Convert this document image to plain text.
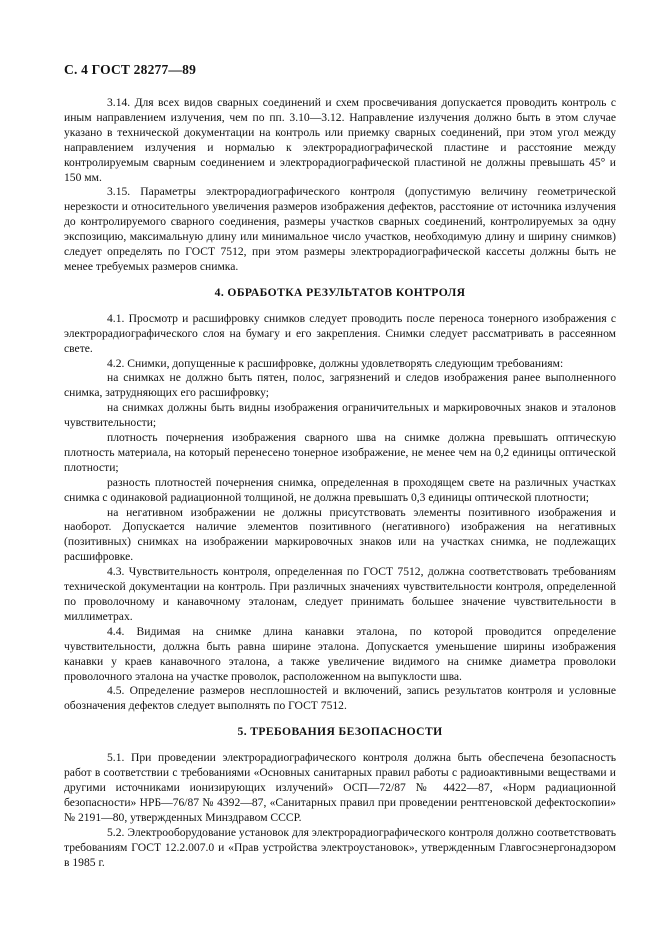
С. 4 ГОСТ 28277—89

3.14. Для всех видов сварных соединений и схем просвечивания допускается проводить контроль с иным направлением излучения, чем по пп. 3.10—3.12. Направление излучения должно быть в этом случае указано в технической документации на контроль или приемку сварных соединений, при этом угол между направлением излучения и нормалью к электрорадиографической пластине и расстояние между контролируемым сварным соединением и электрорадиографической пластиной не должны превышать 45° и 150 мм.

3.15. Параметры электрорадиографического контроля (допустимую величину геометрической нерезкости и относительного увеличения размеров изображения дефектов, расстояние от источника излучения до контролируемого сварного соединения, размеры участков сварных соединений, контролируемых за одну экспозицию, максимальную длину или минимальное число участков, необходимую длину и ширину снимков) следует определять по ГОСТ 7512, при этом размеры электрорадиографической кассеты должны быть не менее требуемых размеров снимка.

4. ОБРАБОТКА РЕЗУЛЬТАТОВ КОНТРОЛЯ

4.1. Просмотр и расшифровку снимков следует проводить после переноса тонерного изображения с электрорадиографического слоя на бумагу и его закрепления. Снимки следует рассматривать в рассеянном свете.

4.2. Снимки, допущенные к расшифровке, должны удовлетворять следующим требованиям:

на снимках не должно быть пятен, полос, загрязнений и следов изображения ранее выполненного снимка, затрудняющих его расшифровку;

на снимках должны быть видны изображения ограничительных и маркировочных знаков и эталонов чувствительности;

плотность почернения изображения сварного шва на снимке должна превышать оптическую плотность материала, на который перенесено тонерное изображение, не менее чем на 0,2 единицы оптической плотности;

разность плотностей почернения снимка, определенная в проходящем свете на различных участках снимка с одинаковой радиационной толщиной, не должна превышать 0,3 единицы оптической плотности;

на негативном изображении не должны присутствовать элементы позитивного изображения и наоборот. Допускается наличие элементов позитивного (негативного) изображения на негативных (позитивных) снимках на изображении маркировочных знаков или на участках снимка, не подлежащих расшифровке.

4.3. Чувствительность контроля, определенная по ГОСТ 7512, должна соответствовать требованиям технической документации на контроль. При различных значениях чувствительности контроля, определенной по проволочному и канавочному эталонам, следует принимать большее значение чувствительности в миллиметрах.

4.4. Видимая на снимке длина канавки эталона, по которой проводится определение чувствительности, должна быть равна ширине эталона. Допускается уменьшение ширины изображения канавки у краев канавочного эталона, а также увеличение видимого на снимке диаметра проволоки проволочного эталона на участке проволок, расположенном на выпуклости шва.

4.5. Определение размеров несплошностей и включений, запись результатов контроля и условные обозначения дефектов следует выполнять по ГОСТ 7512.

5. ТРЕБОВАНИЯ БЕЗОПАСНОСТИ

5.1. При проведении электрорадиографического контроля должна быть обеспечена безопасность работ в соответствии с требованиями «Основных санитарных правил работы с радиоактивными веществами и другими источниками ионизирующих излучений» ОСП—72/87 № 4422—87, «Норм радиационной безопасности» НРБ—76/87 № 4392—87, «Санитарных правил при проведении рентгеновской дефектоскопии» № 2191—80, утвержденных Минздравом СССР.

5.2. Электрооборудование установок для электрорадиографического контроля должно соответствовать требованиям ГОСТ 12.2.007.0 и «Прав устройства электроустановок», утвержденным Главгосэнергонадзором в 1985 г.
